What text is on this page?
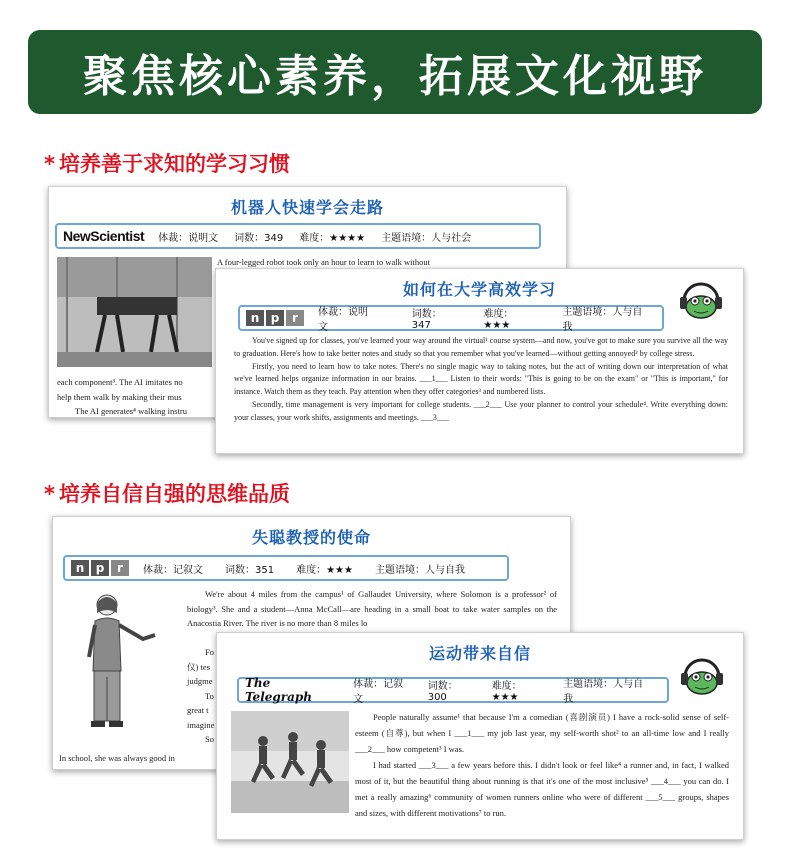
聚焦核心素养，拓展文化视野
* 培养善于求知的学习习惯
机器人快速学会走路
NewScientist 体裁：说明文 词数：349 难度：★★★★ 主题语境：人与社会
A four-legged robot took only an hour to learn to walk without

each component³. The AI imitates no

help them walk by making their mus

The AI generates⁴ walking instru

如何在大学高效学习
n p	r	体裁：说明文
词数：347
难度：★★★
主题语境：人与自我

You've signed up for classes, you've learned your way around the virtual¹ course system—and now, you've got to make sure you survive all the way to graduation. Here's how to take better notes and study so that you remember what you've learned—without getting annoyed² by college stress.

Firstly, you need to learn how to take notes. There's no single magic way to taking notes, but the act of writing down our interpretation of what we've learned helps organize information in our brains. ___1___ Listen to their words: "This is going to be on the exam" or "This is important," for instance. Watch them as they teach. Pay attention when they offer categories³ and numbered lists.

Secondly, time management is very important for college students. ___2___ Use your planner to control your schedule⁴. Write everything down: your classes, your work shifts, assignments and meetings. ___3___

* 培养自信自强的思维品质
失聪教授的使命
n p	r	体裁：记叙文 词数：351 难度：★★★ 主题语境：人与自我

We're about 4 miles from the campus¹ of Gallaudet University, where Solomon is a professor² of biology³. She and a student—Anna McCall—are heading in a small boat to take water samples on the Anacostia River. The river is no more than 8 miles lo

Fo

仪) tes

judgme

To

great t

imagine

So

In school, she was always good in
运动带来自信
The Telegraph
体裁：记叙文
词数：300
难度：★★★
主题语境：人与自我

People naturally assume¹ that because I'm a comedian (喜剧演员) I have a rock-solid sense of self-esteem (自尊), but when I ___1___ my job last year, my self-worth shot² to an all-time low and I really ___2___ how competent³ I was.

I had started ___3___ a few years before this. I didn't look or feel like⁴ a runner and, in fact, I walked most of it, but the beautiful thing about running is that it's one of the most inclusive⁵ ___4___ you can do. I met a really amazing⁶ community of women runners online who were of different ___5___ groups, shapes and sizes, with different motivations⁷ to run.
